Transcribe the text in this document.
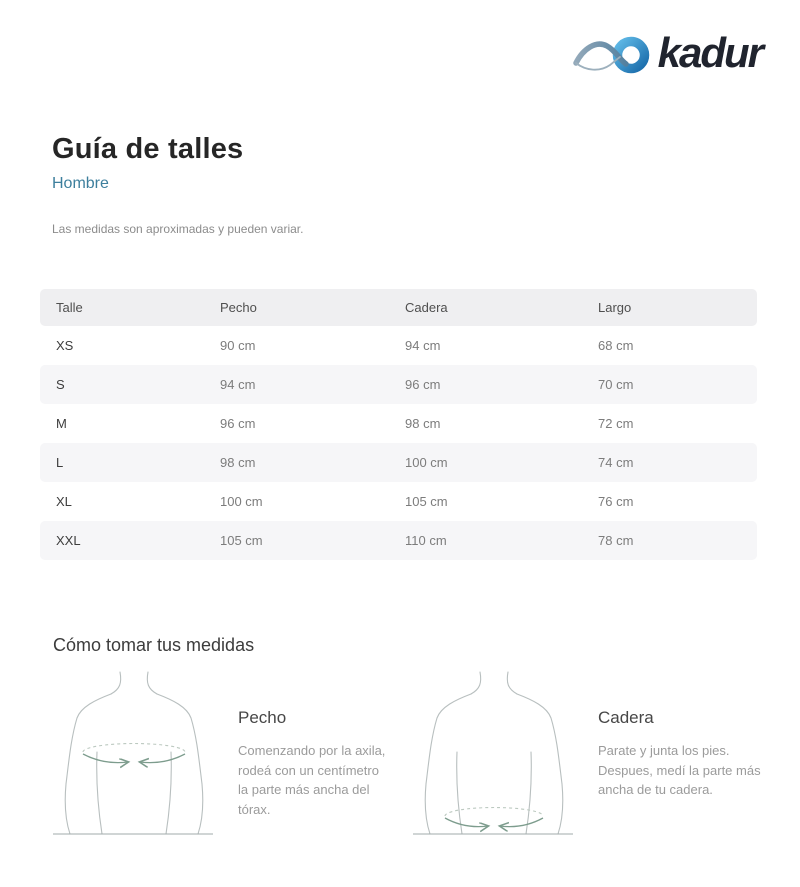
kadur
Guía de talles
Hombre
Las medidas son aproximadas y pueden variar.
Talle	Pecho	Cadera	Largo
XS	90 cm	94 cm	68 cm
S	94 cm	96 cm	70 cm
M	96 cm	98 cm	72 cm
L	98 cm	100 cm	74 cm
XL	100 cm	105 cm	76 cm
XXL	105 cm	110 cm	78 cm
Cómo tomar tus medidas
Pecho
Comenzando por la axila, rodeá con un centímetro la parte más ancha del tórax.
Cadera
Parate y junta los pies. Despues, medí la parte más ancha de tu cadera.
